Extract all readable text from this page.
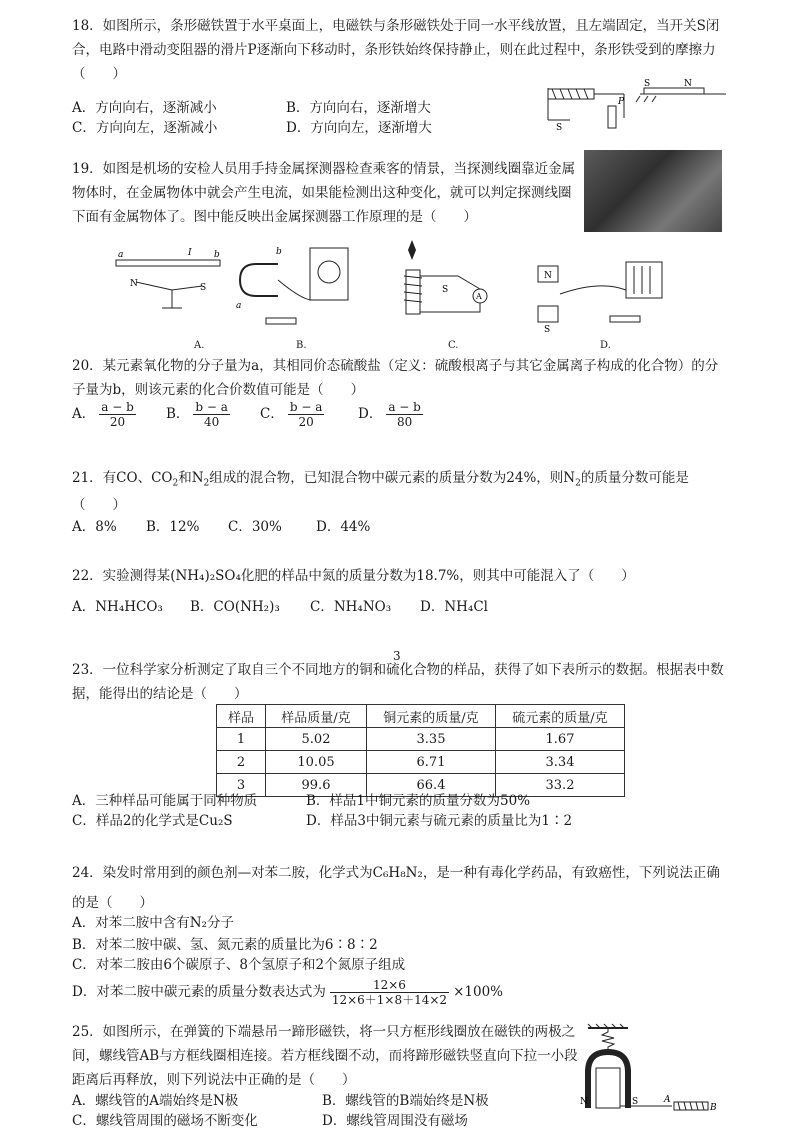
18．如图所示，条形磁铁置于水平桌面上，电磁铁与条形磁铁处于同一水平线放置，且左端固定，当开关S闭合，电路中滑动变阻器的滑片P逐渐向下移动时，条形铁始终保持静止，则在此过程中，条形铁受到的摩擦力（　　）
S	N
S
P
A．方向向右，逐渐减小	B．方向向右，逐渐增大
C．方向向左，逐渐减小	D．方向向左，逐渐增大
19．如图是机场的安检人员用手持金属探测器检查乘客的情景，当探测线圈靠近金属物体时，在金属物体中就会产生电流，如果能检测出这种变化，就可以判定探测线圈下面有金属物体了。图中能反映出金属探测器工作原理的是（　　）
a	I b
N	S
a
b
S
A
N
S
A.	B.	C.	D.
20．某元素氧化物的分子量为a，其相同价态硫酸盐（定义：硫酸根离子与其它金属离子构成的化合物）的分子量为b，则该元素的化合价数值可能是（　　）
A． $\frac{a - b}{20}$ B． $\frac{b - a}{40}$ C． $\frac{b - a}{20}$ D． $\frac{a - b}{80}$
21．有CO、$CO_2$和$N_2$组成的混合物，已知混合物中碳元素的质量分数为24%，则$N_2$的质量分数可能是
（　　）
A．8% B．12% C．30%	D．44%
22．实验测得某(NH₄)₂SO₄化肥的样品中氮的质量分数为18.7%，则其中可能混入了（　　）
A．NH₄HCO₃ B．CO(NH₂)₃ C．NH₄NO₃ D．NH₄Cl
3
23．一位科学家分析测定了取自三个不同地方的铜和硫化合物的样品，获得了如下表所示的数据。根据表中数据，能得出的结论是（　　）
样品	样品质量/克	铜元素的质量/克	硫元素的质量/克
1	5.02	3.35	1.67
2	10.05	6.71	3.34
3	99.6	66.4	33.2
A．三种样品可能属于同种物质	B．样品1中铜元素的质量分数为50%
C．样品2的化学式是Cu₂S	D．样品3中铜元素与硫元素的质量比为1∶2
24．染发时常用到的颜色剂—对苯二胺，化学式为C₆H₈N₂，是一种有毒化学药品，有致癌性，下列说法正确的是（　　）
A．对苯二胺中含有N₂分子
B．对苯二胺中碳、氢、氮元素的质量比为6∶8∶2
C．对苯二胺由6个碳原子、8个氢原子和2个氮原子组成
D．对苯二胺中碳元素的质量分数表达式为 $\frac{12\times 6}{12\times 6+1\times 8+14\times 2} \times 100\%$
25．如图所示，在弹簧的下端悬吊一蹄形磁铁，将一只方框形线圈放在磁铁的两极之间，螺线管AB与方框线圈相连接。若方框线圈不动，而将蹄形磁铁竖直向下拉一小段距离后再释放，则下列说法中正确的是（　　）
N	S	A
B
A．螺线管的A端始终是N极	B．螺线管的B端始终是N极
C．螺线管周围的磁场不断变化	D．螺线管周围没有磁场
